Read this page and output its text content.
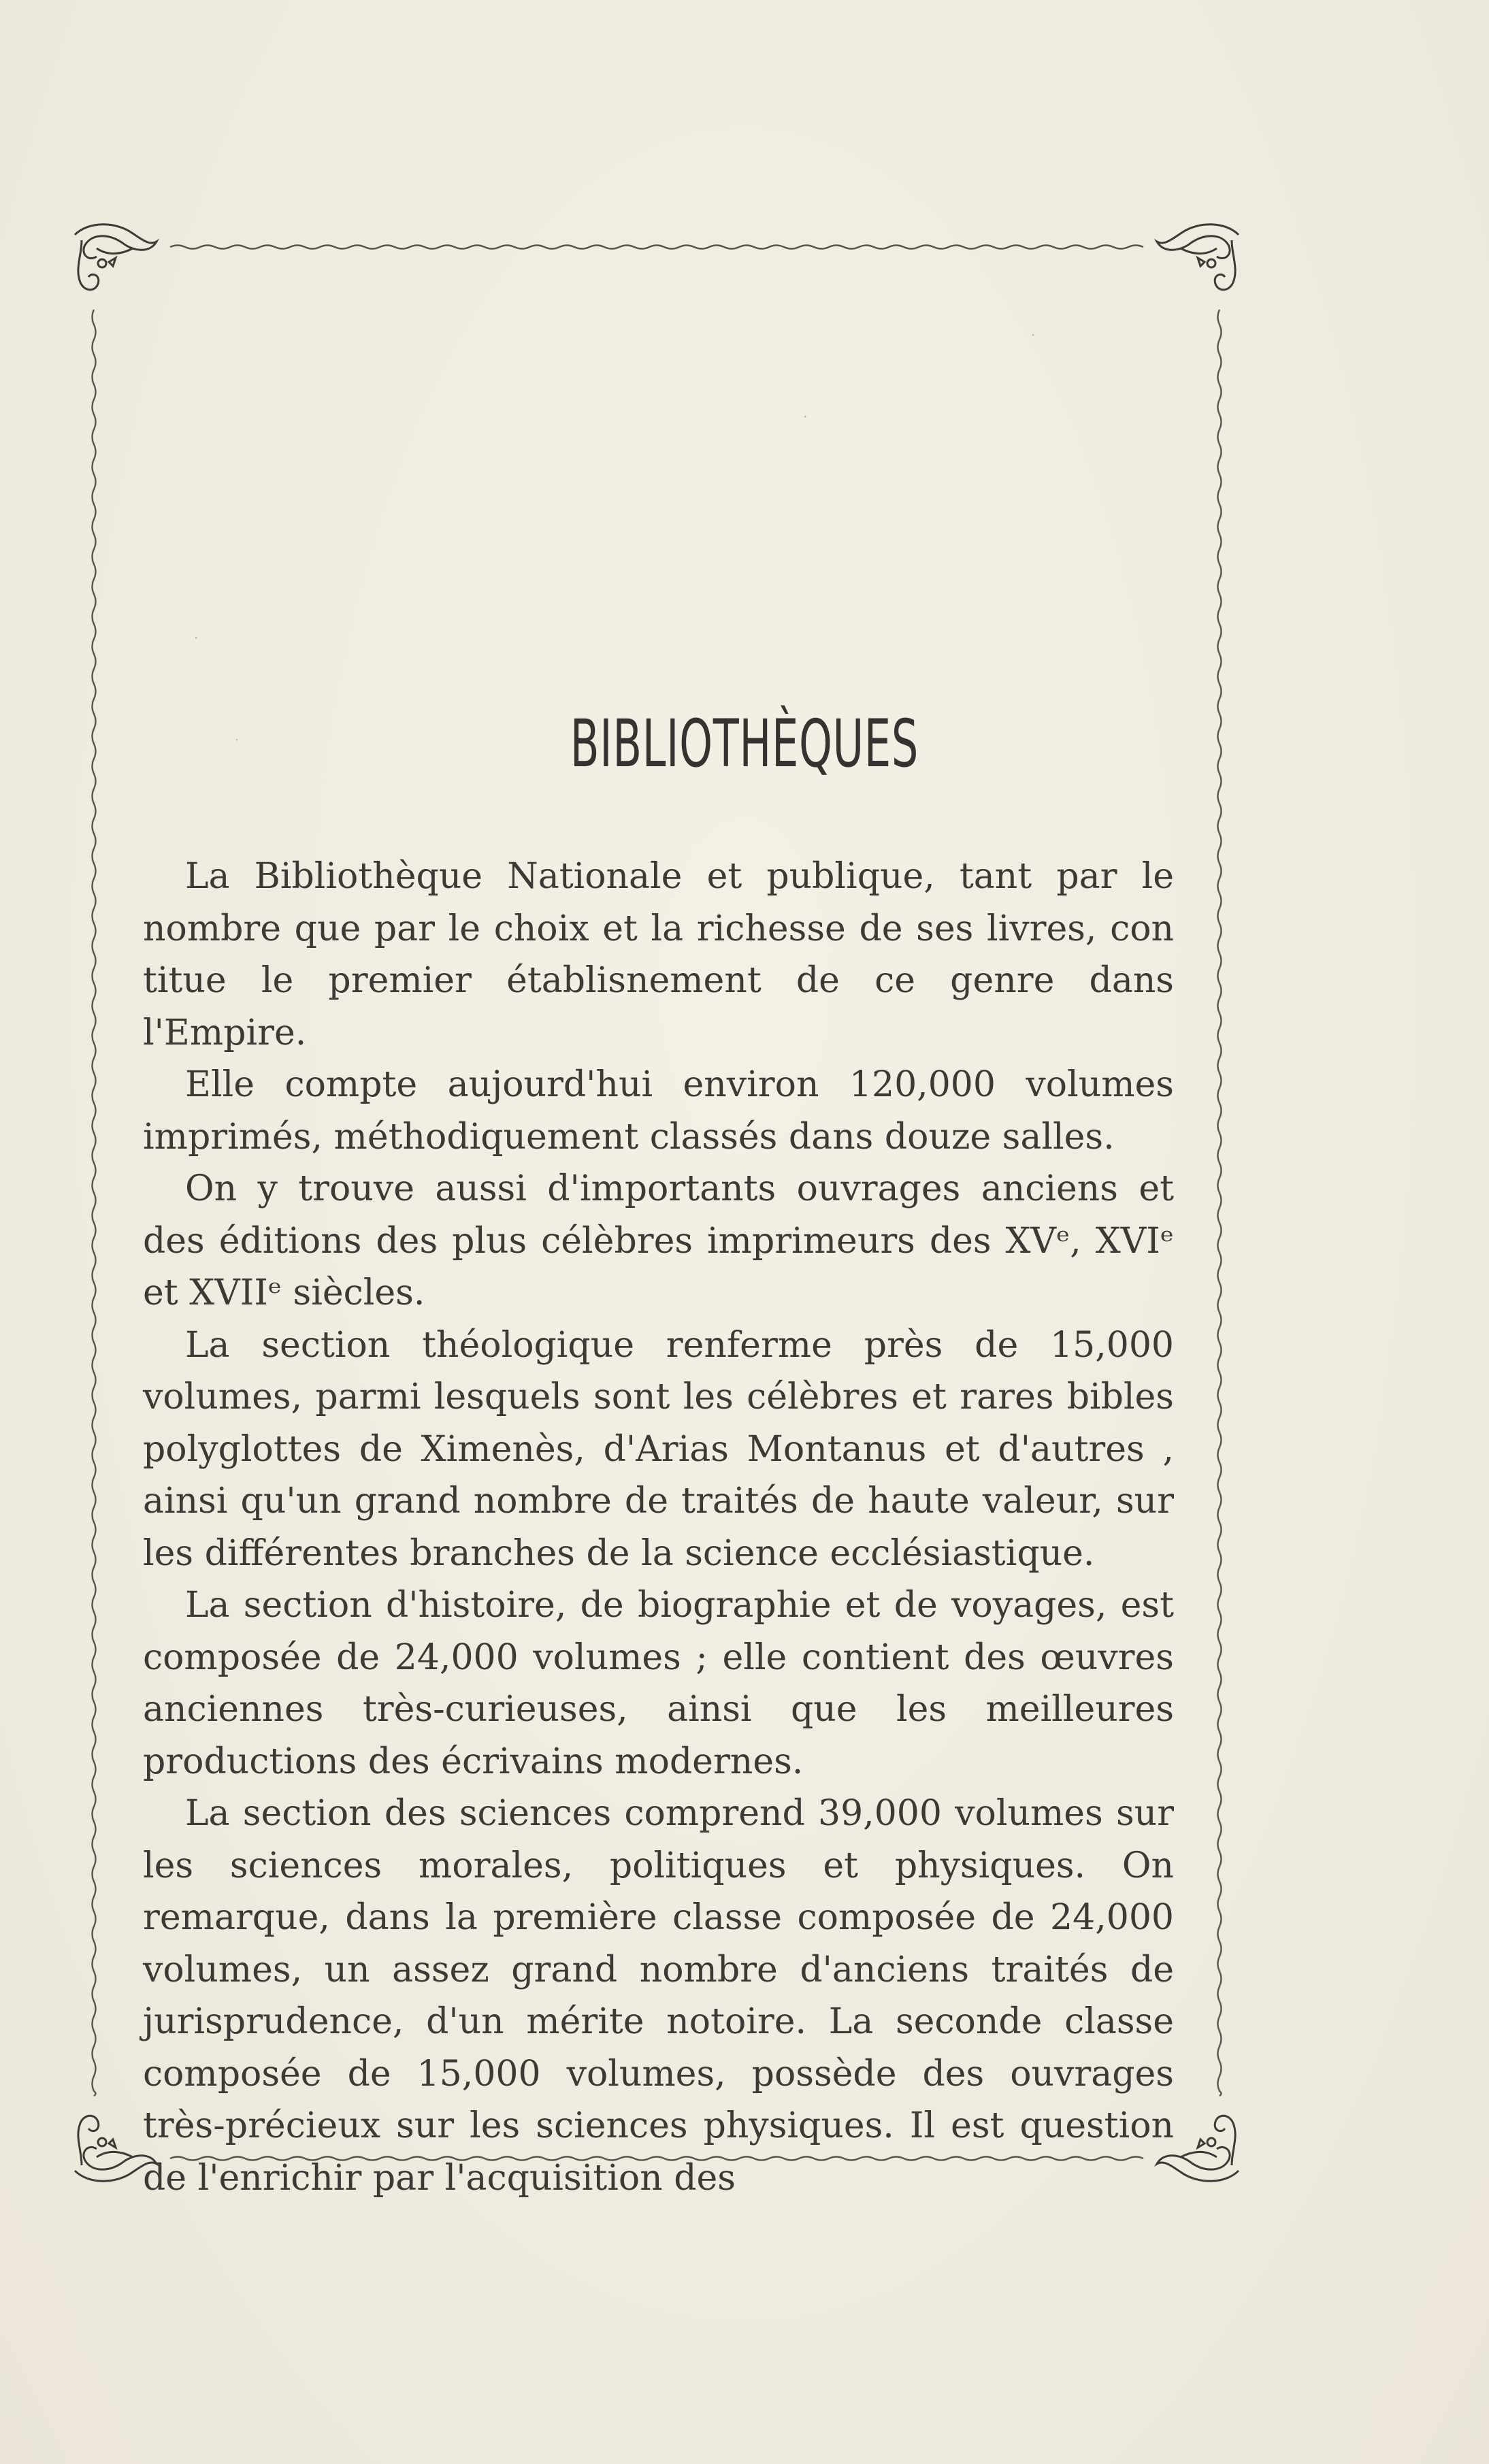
BIBLIOTHÈQUES

La Bibliothèque Nationale et publique, tant par le nombre que par le choix et la richesse de ses livres, con titue le premier établisnement de ce genre dans l'Empire.

Elle compte aujourd'hui environ 120,000 volumes imprimés, méthodiquement classés dans douze salles.

On y trouve aussi d'importants ouvrages anciens et des éditions des plus célèbres imprimeurs des XVᵉ, XVIᵉ et XVIIᵉ siècles.

La section théologique renferme près de 15,000 volumes, parmi lesquels sont les célèbres et rares bibles polyglottes de Ximenès, d'Arias Montanus et d'autres , ainsi qu'un grand nombre de traités de haute valeur, sur les différentes branches de la science ecclésiastique.

La section d'histoire, de biographie et de voyages, est composée de 24,000 volumes ; elle contient des œuvres anciennes très-curieuses, ainsi que les meilleures productions des écrivains modernes.

La section des sciences comprend 39,000 volumes sur les sciences morales, politiques et physiques. On remarque, dans la première classe composée de 24,000 volumes, un assez grand nombre d'anciens traités de jurisprudence, d'un mérite notoire. La seconde classe composée de 15,000 volumes, possède des ouvrages très-précieux sur les sciences physiques. Il est question de l'enrichir par l'acquisition des

·
·
·
·
